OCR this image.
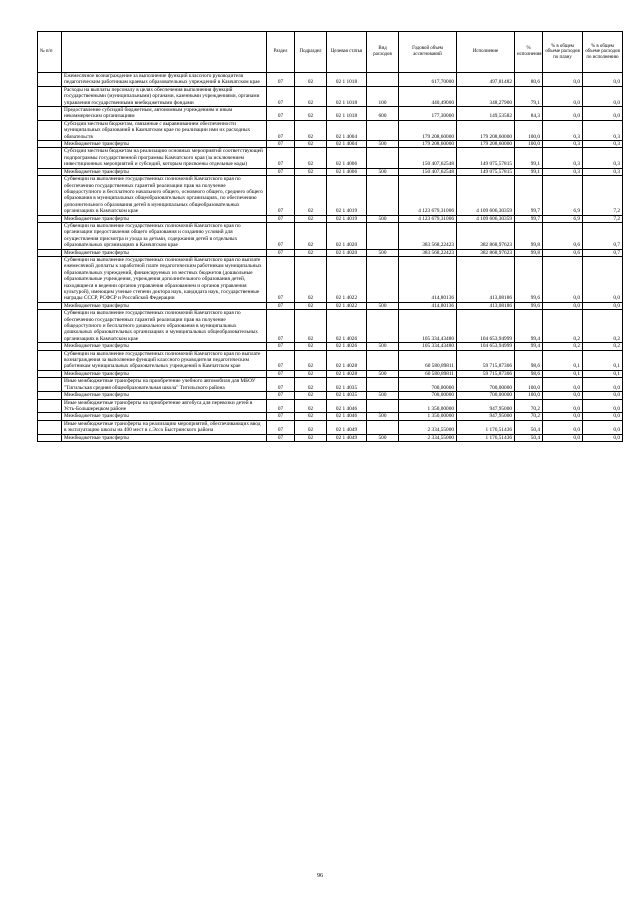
№ п/п		Раздел	Подраздел	Целевая статья	Вид расходов	Годовой объем ассигнований	Исполнение	% исполнения	% в общем объеме расходов по плану	% в общем объеме расходов по исполнению
	Ежемесячное вознаграждение за выполнение функций классного руководителя педагогическим работникам краевых образовательных учреждений в Камчатском крае	07	02	02 1 1018		617,70000	497,81482	80,6	0,0	0,0
	Расходы на выплаты персоналу в целях обеспечения выполнения функций государственными (муниципальными) органами, казенными учреждениями, органами управления государственными внебюджетными фондами	07	02	02 1 1018	100	440,49000	348,27900	79,1	0,0	0,0
	Предоставление субсидий бюджетным, автономным учреждениям и иным некоммерческим организациям	07	02	02 1 1018	600	177,30000	149,53582	84,3	0,0	0,0
	Субсидии местным бюджетам, связанные с выравниванием обеспеченности муниципальных образований в Камчатском крае по реализации ими их расходных обязательств	07	02	02 1 4004		179 208,60000	179 208,60000	100,0	0,3	0,3
	Межбюджетные трансферты	07	02	02 1 4004	500	179 208,60000	179 208,60000	100,0	0,3	0,3
	Субсидии местным бюджетам на реализацию основных мероприятий соответствующей подпрограммы государственной программы Камчатского края (за исключением инвестиционных мероприятий и субсидий, которым присвоены отдельные коды)	07	02	02 1 4006		150 407,62548	149 075,57815	99,1	0,3	0,3
	Межбюджетные трансферты	07	02	02 1 4006	500	150 407,62548	149 075,57815	99,1	0,3	0,3
	Субвенции на выполнение государственных полномочий Камчатского края по обеспечению государственных гарантий реализации прав на получение общедоступного и бесплатного начального общего, основного общего, среднего общего образования в муниципальных общеобразовательных организациях, по обеспечению дополнительного образования детей в муниципальных общеобразовательных организациях в Камчатском крае	07	02	02 1 4019		4 123 679,31006	4 109 606,30359	99,7	6,9	7,2
	Межбюджетные трансферты	07	02	02 1 4019	500	4 123 679,31006	4 109 606,30359	99,7	6,9	7,2
	Субвенции на выполнение государственных полномочий Камчатского края по организации предоставления общего образования и созданию условий для осуществления присмотра и ухода за детьми, содержания детей в отдельных образовательных организациях в Камчатском крае	07	02	02 1 4020		383 568,22423	382 868,97623	99,8	0,6	0,7
	Межбюджетные трансферты	07	02	02 1 4020	500	383 568,22423	382 868,97623	99,8	0,6	0,7
	Субвенции на выполнение государственных полномочий Камчатского края по выплате ежемесячной доплаты к заработной плате педагогическим работникам муниципальных образовательных учреждений, финансируемых из местных бюджетов (дошкольные образовательные учреждения, учреждения дополнительного образования детей, находящиеся в ведении органов управления образованием и органов управления культурой), имеющим ученые степени доктора наук, кандидата наук, государственные награды СССР, РСФСР и Российской Федерации	07	02	02 1 4022		414,80136	413,08186	99,6	0,0	0,0
	Межбюджетные трансферты	07	02	02 1 4022	500	414,80136	413,08186	99,6	0,0	0,0
	Субвенции на выполнение государственных полномочий Камчатского края по обеспечению государственных гарантий реализации прав на получение общедоступного и бесплатного дошкольного образования в муниципальных дошкольных образовательных организациях и муниципальных общеобразовательных организациях в Камчатском крае	07	02	02 1 4026		105 334,43480	104 653,94999	99,4	0,2	0,2
	Межбюджетные трансферты	07	02	02 1 4026	500	105 334,43480	104 653,94999	99,4	0,2	0,2
	Субвенции на выполнение государственных полномочий Камчатского края по выплате вознаграждения за выполнение функций классного руководителя педагогическим работникам муниципальных образовательных учреждений в Камчатском крае	07	02	02 1 4028		60 580,89811	59 715,87306	98,6	0,1	0,1
	Межбюджетные трансферты	07	02	02 1 4028	500	60 580,89811	59 715,87306	98,6	0,1	0,1
	Иные межбюджетные трансферты на приобретение учебного автомобиля для МБОУ "Тигильская средняя общеобразовательная школа" Тигильского района	07	02	02 1 4035		700,00000	700,00000	100,0	0,0	0,0
	Межбюджетные трансферты	07	02	02 1 4035	500	700,00000	700,00000	100,0	0,0	0,0
	Иные межбюджетные трансферты на приобретение автобуса для перевозки детей в Усть-Большерецком районе	07	02	02 1 4046		1 350,00000	947,95000	70,2	0,0	0,0
	Межбюджетные трансферты	07	02	02 1 4046	500	1 350,00000	947,95000	70,2	0,0	0,0
	Иные межбюджетные трансферты на реализацию мероприятий, обеспечивающих ввод в эксплуатацию школы на 400 мест в с.Эссо Быстринского района	07	02	02 1 4049		2 334,55000	1 176,51436	50,4	0,0	0,0
	Межбюджетные трансферты	07	02	02 1 4049	500	2 334,55000	1 176,51436	50,4	0,0	0,0
96
